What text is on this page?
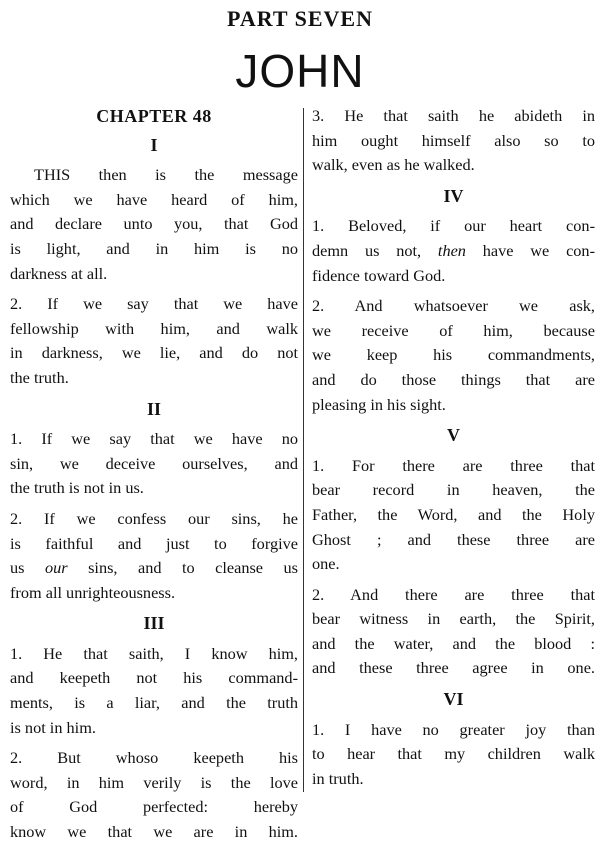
PART SEVEN
JOHN
CHAPTER 48
I
THIS then is the message
which we have heard of him,
and declare unto you, that God
is light, and in him is no
darkness at all.
2. If we say that we have
fellowship with him, and walk
in darkness, we lie, and do not
the truth.
II
1. If we say that we have no
sin, we deceive ourselves, and
the truth is not in us.
2. If we confess our sins, he
is faithful and just to forgive
us our sins, and to cleanse us
from all unrighteousness.
III
1. He that saith, I know him,
and keepeth not his command-
ments, is a liar, and the truth
is not in him.
2. But whoso keepeth his
word, in him verily is the love
of God perfected: hereby
know we that we are in him.
3. He that saith he abideth in
him ought himself also so to
walk, even as he walked.
IV
1. Beloved, if our heart con-
demn us not, then have we con-
fidence toward God.
2. And whatsoever we ask,
we receive of him, because
we keep his commandments,
and do those things that are
pleasing in his sight.
V
1. For there are three that
bear record in heaven, the
Father, the Word, and the Holy
Ghost ; and these three are
one.
2. And there are three that
bear witness in earth, the Spirit,
and the water, and the blood :
and these three agree in one.
VI
1. I have no greater joy than
to hear that my children walk
in truth.
